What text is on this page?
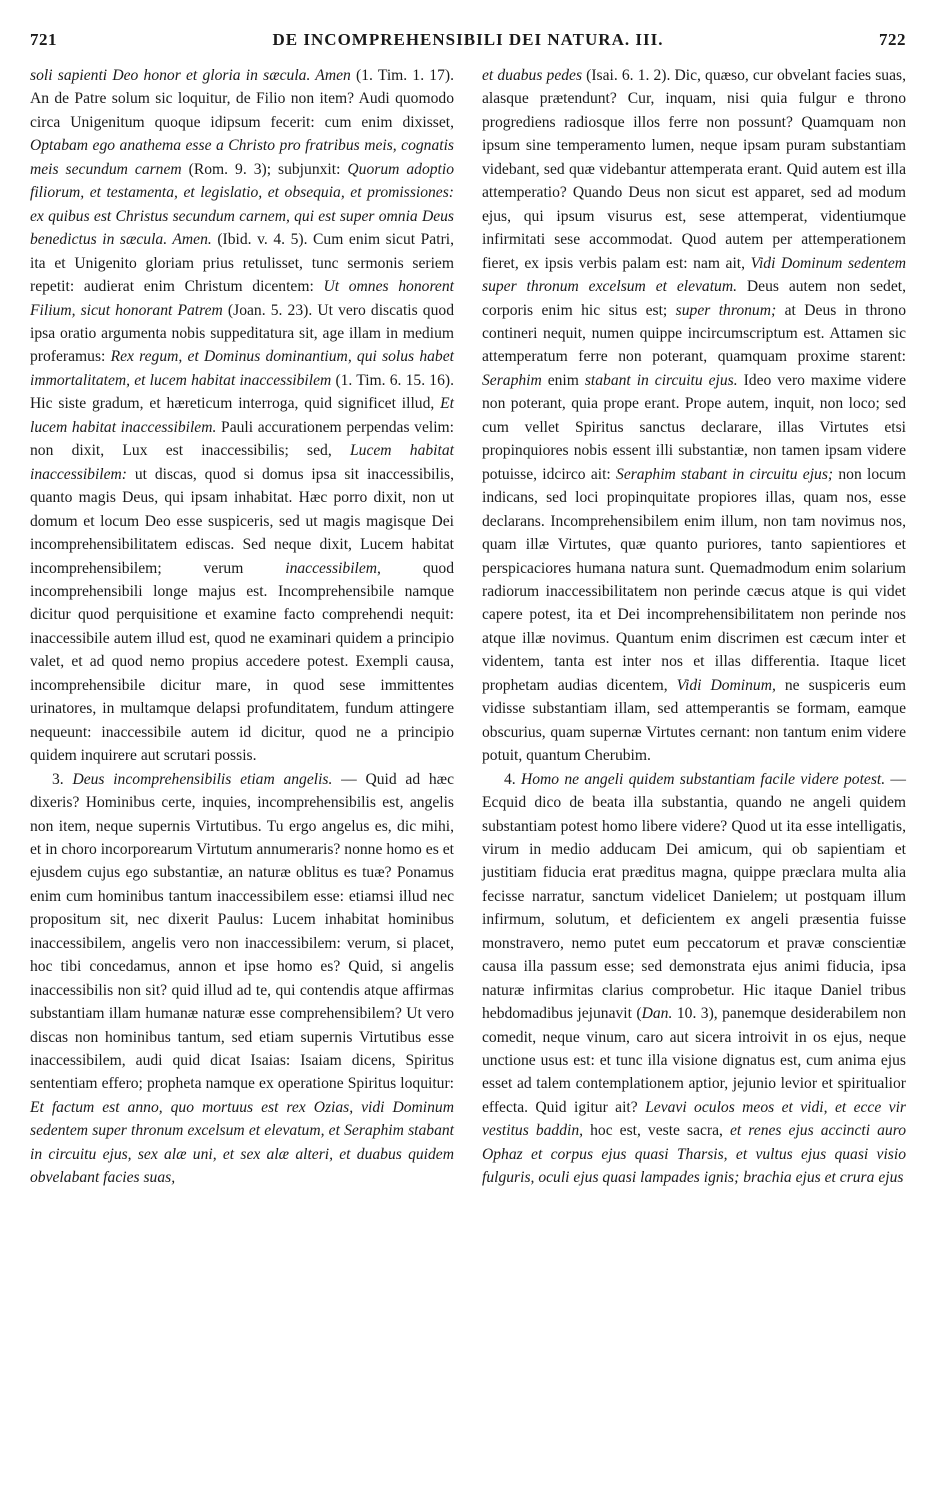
721	DE INCOMPREHENSIBILI DEI NATURA. III.	722

soli sapienti Deo honor et gloria in sæcula. Amen (1. Tim. 1. 17). An de Patre solum sic loquitur, de Filio non item? Audi quomodo circa Unigenitum quoque idipsum fecerit: cum enim dixisset, Optabam ego anathema esse a Christo pro fratribus meis, cognatis meis secundum carnem (Rom. 9. 3); subjunxit: Quorum adoptio filiorum, et testamenta, et legislatio, et obsequia, et promissiones: ex quibus est Christus secundum carnem, qui est super omnia Deus benedictus in sæcula. Amen. (Ibid. v. 4. 5). Cum enim sicut Patri, ita et Unigenito gloriam prius retulisset, tunc sermonis seriem repetit: audierat enim Christum dicentem: Ut omnes honorent Filium, sicut honorant Patrem (Joan. 5. 23). Ut vero discatis quod ipsa oratio argumenta nobis suppeditatura sit, age illam in medium proferamus: Rex regum, et Dominus dominantium, qui solus habet immortalitatem, et lucem habitat inaccessibilem (1. Tim. 6. 15. 16). Hic siste gradum, et hæreticum interroga, quid significet illud, Et lucem habitat inaccessibilem. Pauli accurationem perpendas velim: non dixit, Lux est inaccessibilis; sed, Lucem habitat inaccessibilem: ut discas, quod si domus ipsa sit inaccessibilis, quanto magis Deus, qui ipsam inhabitat. Hæc porro dixit, non ut domum et locum Deo esse suspiceris, sed ut magis magisque Dei incomprehensibilitatem ediscas. Sed neque dixit, Lucem habitat incomprehensibilem; verum inaccessibilem, quod incomprehensibili longe majus est. Incomprehensibile namque dicitur quod perquisitione et examine facto comprehendi nequit: inaccessibile autem illud est, quod ne examinari quidem a principio valet, et ad quod nemo propius accedere potest. Exempli causa, incomprehensibile dicitur mare, in quod sese immittentes urinatores, in multamque delapsi profunditatem, fundum attingere nequeunt: inaccessibile autem id dicitur, quod ne a principio quidem inquirere aut scrutari possis.

3. Deus incomprehensibilis etiam angelis. — Quid ad hæc dixeris? Hominibus certe, inquies, incomprehensibilis est, angelis non item, neque supernis Virtutibus. Tu ergo angelus es, dic mihi, et in choro incorporearum Virtutum annumeraris? nonne homo es et ejusdem cujus ego substantiæ, an naturæ oblitus es tuæ? Ponamus enim cum hominibus tantum inaccessibilem esse: etiamsi illud nec propositum sit, nec dixerit Paulus: Lucem inhabitat hominibus inaccessibilem, angelis vero non inaccessibilem: verum, si placet, hoc tibi concedamus, annon et ipse homo es? Quid, si angelis inaccessibilis non sit? quid illud ad te, qui contendis atque affirmas substantiam illam humanæ naturæ esse comprehensibilem? Ut vero discas non hominibus tantum, sed etiam supernis Virtutibus esse inaccessibilem, audi quid dicat Isaias: Isaiam dicens, Spiritus sententiam effero; propheta namque ex operatione Spiritus loquitur: Et factum est anno, quo mortuus est rex Ozias, vidi Dominum sedentem super thronum excelsum et elevatum, et Seraphim stabant in circuitu ejus, sex alæ uni, et sex alæ alteri, et duabus quidem obvelabant facies suas,

et duabus pedes (Isai. 6. 1. 2). Dic, quæso, cur obvelant facies suas, alasque prætendunt? Cur, inquam, nisi quia fulgur e throno progrediens radiosque illos ferre non possunt? Quamquam non ipsum sine temperamento lumen, neque ipsam puram substantiam videbant, sed quæ videbantur attemperata erant. Quid autem est illa attemperatio? Quando Deus non sicut est apparet, sed ad modum ejus, qui ipsum visurus est, sese attemperat, videntiumque infirmitati sese accommodat. Quod autem per attemperationem fieret, ex ipsis verbis palam est: nam ait, Vidi Dominum sedentem super thronum excelsum et elevatum. Deus autem non sedet, corporis enim hic situs est; super thronum; at Deus in throno contineri nequit, numen quippe incircumscriptum est. Attamen sic attemperatum ferre non poterant, quamquam proxime starent: Seraphim enim stabant in circuitu ejus. Ideo vero maxime videre non poterant, quia prope erant. Prope autem, inquit, non loco; sed cum vellet Spiritus sanctus declarare, illas Virtutes etsi propinquiores nobis essent illi substantiæ, non tamen ipsam videre potuisse, idcirco ait: Seraphim stabant in circuitu ejus; non locum indicans, sed loci propinquitate propiores illas, quam nos, esse declarans. Incomprehensibilem enim illum, non tam novimus nos, quam illæ Virtutes, quæ quanto puriores, tanto sapientiores et perspicaciores humana natura sunt. Quemadmodum enim solarium radiorum inaccessibilitatem non perinde cæcus atque is qui videt capere potest, ita et Dei incomprehensibilitatem non perinde nos atque illæ novimus. Quantum enim discrimen est cæcum inter et videntem, tanta est inter nos et illas differentia. Itaque licet prophetam audias dicentem, Vidi Dominum, ne suspiceris eum vidisse substantiam illam, sed attemperantis se formam, eamque obscurius, quam supernæ Virtutes cernant: non tantum enim videre potuit, quantum Cherubim.

4. Homo ne angeli quidem substantiam facile videre potest. — Ecquid dico de beata illa substantia, quando ne angeli quidem substantiam potest homo libere videre? Quod ut ita esse intelligatis, virum in medio adducam Dei amicum, qui ob sapientiam et justitiam fiducia erat præditus magna, quippe præclara multa alia fecisse narratur, sanctum videlicet Danielem; ut postquam illum infirmum, solutum, et deficientem ex angeli præsentia fuisse monstravero, nemo putet eum peccatorum et pravæ conscientiæ causa illa passum esse; sed demonstrata ejus animi fiducia, ipsa naturæ infirmitas clarius comprobetur. Hic itaque Daniel tribus hebdomadibus jejunavit (Dan. 10. 3), panemque desiderabilem non comedit, neque vinum, caro aut sicera introivit in os ejus, neque unctione usus est: et tunc illa visione dignatus est, cum anima ejus esset ad talem contemplationem aptior, jejunio levior et spiritualior effecta. Quid igitur ait? Levavi oculos meos et vidi, et ecce vir vestitus baddin, hoc est, veste sacra, et renes ejus accincti auro Ophaz et corpus ejus quasi Tharsis, et vultus ejus quasi visio fulguris, oculi ejus quasi lampades ignis; brachia ejus et crura ejus
